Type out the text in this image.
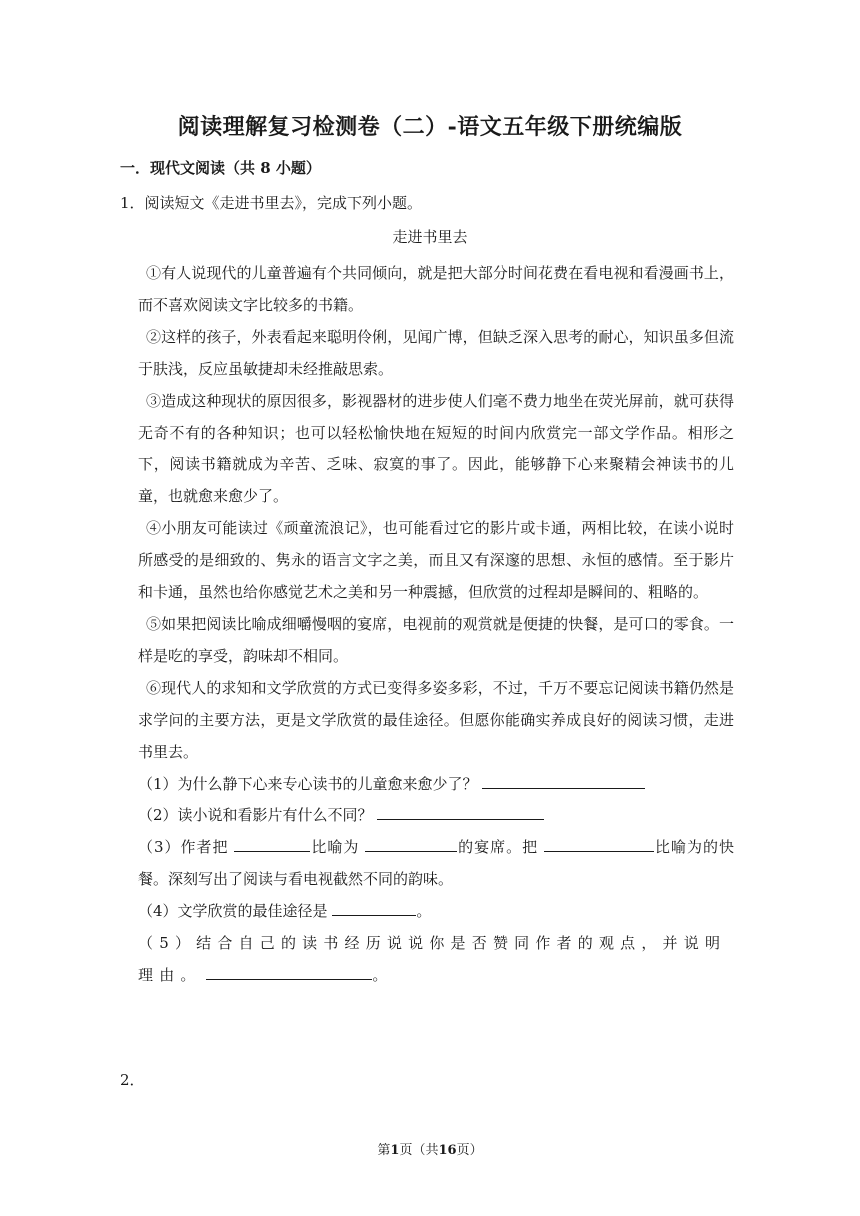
阅读理解复习检测卷（二）-语文五年级下册统编版
一．现代文阅读（共 8 小题）
1．阅读短文《走进书里去》，完成下列小题。
走进书里去

①有人说现代的儿童普遍有个共同倾向，就是把大部分时间花费在看电视和看漫画书上，而不喜欢阅读文字比较多的书籍。

②这样的孩子，外表看起来聪明伶俐，见闻广博，但缺乏深入思考的耐心，知识虽多但流于肤浅，反应虽敏捷却未经推敲思索。

③造成这种现状的原因很多，影视器材的进步使人们毫不费力地坐在荧光屏前，就可获得无奇不有的各种知识；也可以轻松愉快地在短短的时间内欣赏完一部文学作品。相形之下，阅读书籍就成为辛苦、乏味、寂寞的事了。因此，能够静下心来聚精会神读书的儿童，也就愈来愈少了。

④小朋友可能读过《顽童流浪记》，也可能看过它的影片或卡通，两相比较，在读小说时所感受的是细致的、隽永的语言文字之美，而且又有深邃的思想、永恒的感情。至于影片和卡通，虽然也给你感觉艺术之美和另一种震撼，但欣赏的过程却是瞬间的、粗略的。

⑤如果把阅读比喻成细嚼慢咽的宴席，电视前的观赏就是便捷的快餐，是可口的零食。一样是吃的享受，韵味却不相同。

⑥现代人的求知和文学欣赏的方式已变得多姿多彩，不过，千万不要忘记阅读书籍仍然是求学问的主要方法，更是文学欣赏的最佳途径。但愿你能确实养成良好的阅读习惯，走进书里去。

（1）为什么静下心来专心读书的儿童愈来愈少了？

（2）读小说和看影片有什么不同？

（3）作者把	比喻为	的宴席。把	比喻为的快餐。深刻写出了阅读与看电视截然不同的韵味。

（4）文学欣赏的最佳途径是	。

（5）结合自己的读书经历说说你是否赞同作者的观点，并说明理由。	。

2．
第1页（共16页）
